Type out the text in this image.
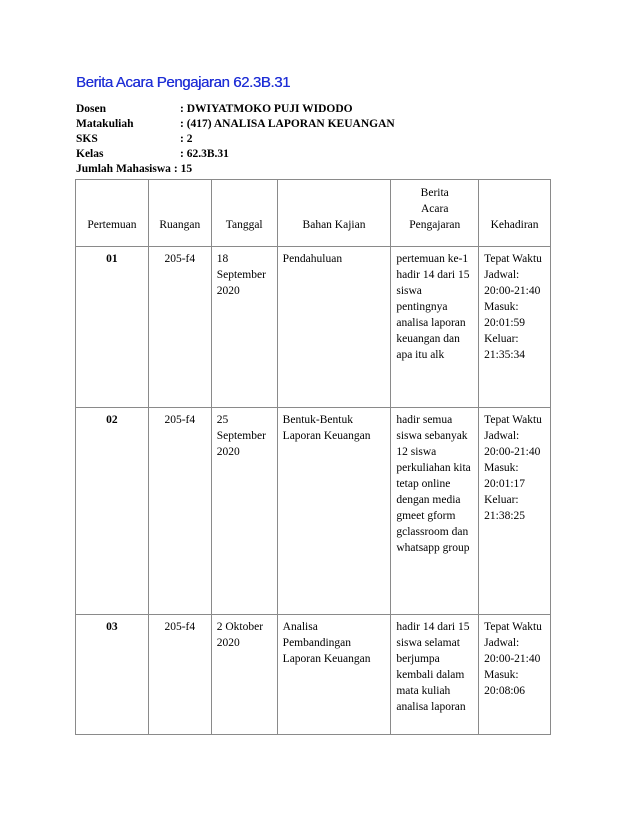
Berita Acara Pengajaran 62.3B.31
Dosen	: DWIYATMOKO PUJI WIDODO
Matakuliah	: (417) ANALISA LAPORAN KEUANGAN
SKS	: 2
Kelas	: 62.3B.31
Jumlah Mahasiswa : 15
Pertemuan	Ruangan	Tanggal	Bahan Kajian	Berita
Acara
Pengajaran	Kehadiran

01	205-f4	18 September 2020	Pendahuluan	pertemuan ke-1 hadir 14 dari 15 siswa pentingnya analisa laporan keuangan dan apa itu alk	Tepat Waktu Jadwal: 20:00-21:40 Masuk: 20:01:59 Keluar: 21:35:34

02	205-f4	25 September 2020	Bentuk-Bentuk Laporan Keuangan	hadir semua siswa sebanyak 12 siswa perkuliahan kita tetap online dengan media gmeet gform gclassroom dan whatsapp group	Tepat Waktu Jadwal: 20:00-21:40 Masuk: 20:01:17 Keluar: 21:38:25

03	205-f4	2 Oktober 2020	Analisa Pembandingan Laporan Keuangan	hadir 14 dari 15 siswa selamat berjumpa kembali dalam mata kuliah analisa laporan	Tepat Waktu Jadwal: 20:00-21:40 Masuk: 20:08:06
